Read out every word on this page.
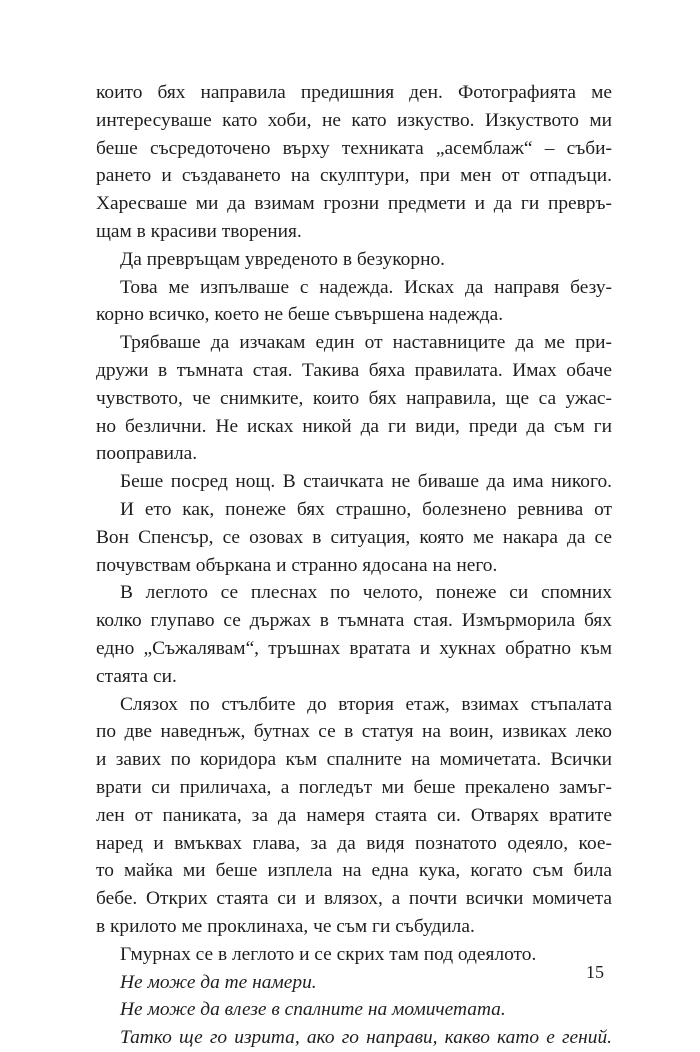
които бях направила предишния ден. Фотографията ме
интересуваше като хоби, не като изкуство. Изкуството ми
беше съсредоточено върху техниката „асемблаж“ – съби-
рането и създаването на скулптури, при мен от отпадъци.
Харесваше ми да взимам грозни предмети и да ги превръ-
щам в красиви творения.
Да превръщам увреденото в безукорно.
Това ме изпълваше с надежда. Исках да направя безу-
корно всичко, което не беше съвършена надежда.
Трябваше да изчакам един от наставниците да ме при-
дружи в тъмната стая. Такива бяха правилата. Имах обаче
чувството, че снимките, които бях направила, ще са ужас-
но безлични. Не исках никой да ги види, преди да съм ги
пооправила.
Беше посред нощ. В стаичката не биваше да има никого.
И ето как, понеже бях страшно, болезнено ревнива от
Вон Спенсър, се озовах в ситуация, която ме накара да се
почувствам объркана и странно ядосана на него.
В леглото се плеснах по челото, понеже си спомних
колко глупаво се държах в тъмната стая. Измърморила бях
едно „Съжалявам“, тръшнах вратата и хукнах обратно към
стаята си.
Слязох по стълбите до втория етаж, взимах стъпалата
по две наведнъж, бутнах се в статуя на воин, извиках леко
и завих по коридора към спалните на момичетата. Всички
врати си приличаха, а погледът ми беше прекалено замъг-
лен от паниката, за да намеря стаята си. Отварях вратите
наред и вмъквах глава, за да видя познатото одеяло, кое-
то майка ми беше изплела на една кука, когато съм била
бебе. Открих стаята си и влязох, а почти всички момичета
в крилото ме проклинаха, че съм ги събудила.
Гмурнах се в леглото и се скрих там под одеялото.
Не може да те намери.
Не може да влезе в спалните на момичетата.
Татко ще го изрита, ако го направи, какво като е гений.
15
